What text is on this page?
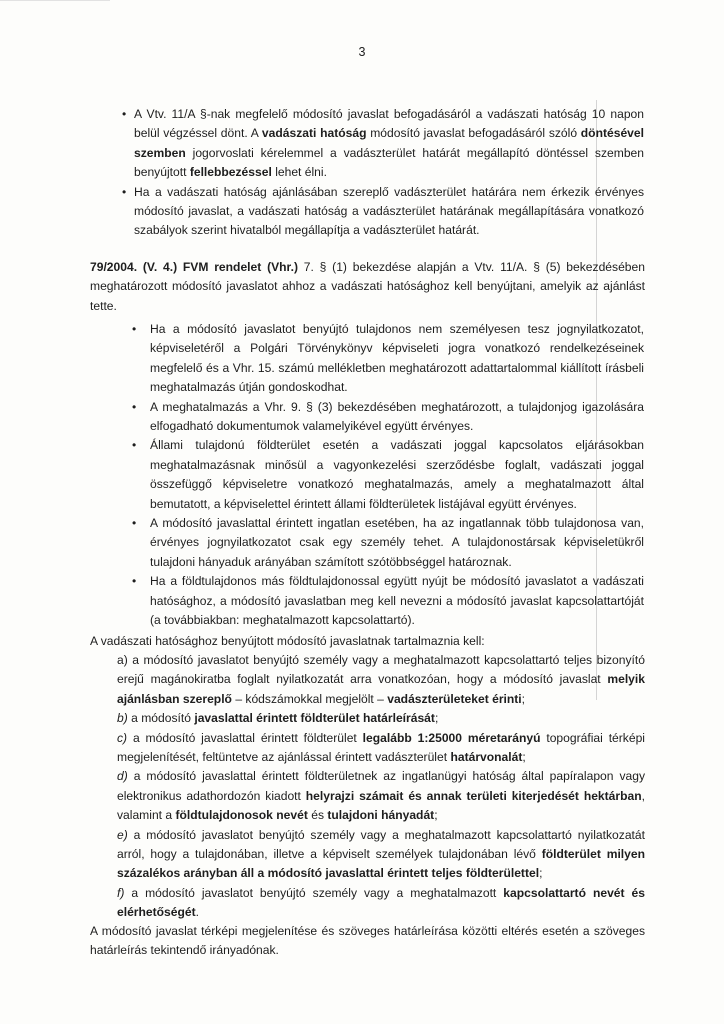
3
• A Vtv. 11/A §-nak megfelelő módosító javaslat befogadásáról a vadászati hatóság 10 napon belül végzéssel dönt. A vadászati hatóság módosító javaslat befogadásáról szóló döntésével szemben jogorvoslati kérelemmel a vadászterület határát megállapító döntéssel szemben benyújtott fellebbezéssel lehet élni.
• Ha a vadászati hatóság ajánlásában szereplő vadászterület határára nem érkezik érvényes módosító javaslat, a vadászati hatóság a vadászterület határának megállapítására vonatkozó szabályok szerint hivatalból megállapítja a vadászterület határát.

79/2004. (V. 4.) FVM rendelet (Vhr.) 7. § (1) bekezdése alapján a Vtv. 11/A. § (5) bekezdésében meghatározott módosító javaslatot ahhoz a vadászati hatósághoz kell benyújtani, amelyik az ajánlást tette.

• Ha a módosító javaslatot benyújtó tulajdonos nem személyesen tesz jognyilatkozatot, képviseletéről a Polgári Törvénykönyv képviseleti jogra vonatkozó rendelkezéseinek megfelelő és a Vhr. 15. számú mellékletben meghatározott adattartalommal kiállított írásbeli meghatalmazás útján gondoskodhat.
• A meghatalmazás a Vhr. 9. § (3) bekezdésében meghatározott, a tulajdonjog igazolására elfogadható dokumentumok valamelyikével együtt érvényes.
• Állami tulajdonú földterület esetén a vadászati joggal kapcsolatos eljárásokban meghatalmazásnak minősül a vagyonkezelési szerződésbe foglalt, vadászati joggal összefüggő képviseletre vonatkozó meghatalmazás, amely a meghatalmazott által bemutatott, a képviselettel érintett állami földterületek listájával együtt érvényes.
• A módosító javaslattal érintett ingatlan esetében, ha az ingatlannak több tulajdonosa van, érvényes jognyilatkozatot csak egy személy tehet. A tulajdonostársak képviseletükről tulajdoni hányaduk arányában számított szótöbbséggel határoznak.
• Ha a földtulajdonos más földtulajdonossal együtt nyújt be módosító javaslatot a vadászati hatósághoz, a módosító javaslatban meg kell nevezni a módosító javaslat kapcsolattartóját (a továbbiakban: meghatalmazott kapcsolattartó).

A vadászati hatósághoz benyújtott módosító javaslatnak tartalmaznia kell:

a) a módosító javaslatot benyújtó személy vagy a meghatalmazott kapcsolattartó teljes bizonyító erejű magánokiratba foglalt nyilatkozatát arra vonatkozóan, hogy a módosító javaslat melyik ajánlásban szereplő – kódszámokkal megjelölt – vadászterületeket érinti;
b) a módosító javaslattal érintett földterület határleírását;
c) a módosító javaslattal érintett földterület legalább 1:25000 méretarányú topográfiai térképi megjelenítését, feltüntetve az ajánlással érintett vadászterület határvonalát;
d) a módosító javaslattal érintett földterületnek az ingatlanügyi hatóság által papíralapon vagy elektronikus adathordozón kiadott helyrajzi számait és annak területi kiterjedését hektárban, valamint a földtulajdonosok nevét és tulajdoni hányadát;
e) a módosító javaslatot benyújtó személy vagy a meghatalmazott kapcsolattartó nyilatkozatát arról, hogy a tulajdonában, illetve a képviselt személyek tulajdonában lévő földterület milyen százalékos arányban áll a módosító javaslattal érintett teljes földterülettel;
f) a módosító javaslatot benyújtó személy vagy a meghatalmazott kapcsolattartó nevét és elérhetőségét.

A módosító javaslat térképi megjelenítése és szöveges határleírása közötti eltérés esetén a szöveges határleírás tekintendő irányadónak.
